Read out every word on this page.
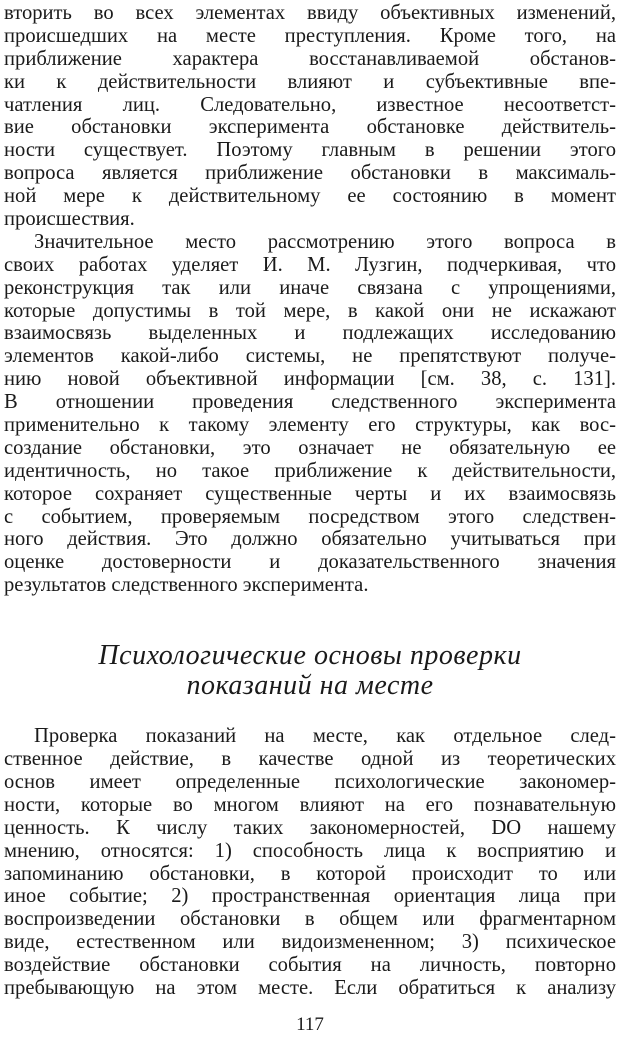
вторить во всех элементах ввиду объективных изменений,
происшедших на месте преступления. Кроме того, на
приближение характера восстанавливаемой обстанов-
ки к действительности влияют и субъективные впе-
чатления лиц. Следовательно, известное несоответст-
вие обстановки эксперимента обстановке действитель-
ности существует. Поэтому главным в решении этого
вопроса является приближение обстановки в максималь-
ной мере к действительному ее состоянию в момент
происшествия.
Значительное место рассмотрению этого вопроса в
своих работах уделяет И. М. Лузгин, подчеркивая, что
реконструкция так или иначе связана с упрощениями,
которые допустимы в той мере, в какой они не искажают
взаимосвязь выделенных и подлежащих исследованию
элементов какой-либо системы, не препятствуют получе-
нию новой объективной информации [см. 38, с. 131].
В отношении проведения следственного эксперимента
применительно к такому элементу его структуры, как вос-
создание обстановки, это означает не обязательную ее
идентичность, но такое приближение к действительности,
которое сохраняет существенные черты и их взаимосвязь
с событием, проверяемым посредством этого следствен-
ного действия. Это должно обязательно учитываться при
оценке достоверности и доказательственного значения
результатов следственного эксперимента.
Психологические основы проверки
показаний на месте
Проверка показаний на месте, как отдельное след-
ственное действие, в качестве одной из теоретических
основ имеет определенные психологические закономер-
ности, которые во многом влияют на его познавательную
ценность. К числу таких закономерностей, DO нашему
мнению, относятся: 1) способность лица к восприятию и
запоминанию обстановки, в которой происходит то или
иное событие; 2) пространственная ориентация лица при
воспроизведении обстановки в общем или фрагментарном
виде, естественном или видоизмененном; 3) психическое
воздействие обстановки события на личность, повторно
пребывающую на этом месте. Если обратиться к анализу
117
